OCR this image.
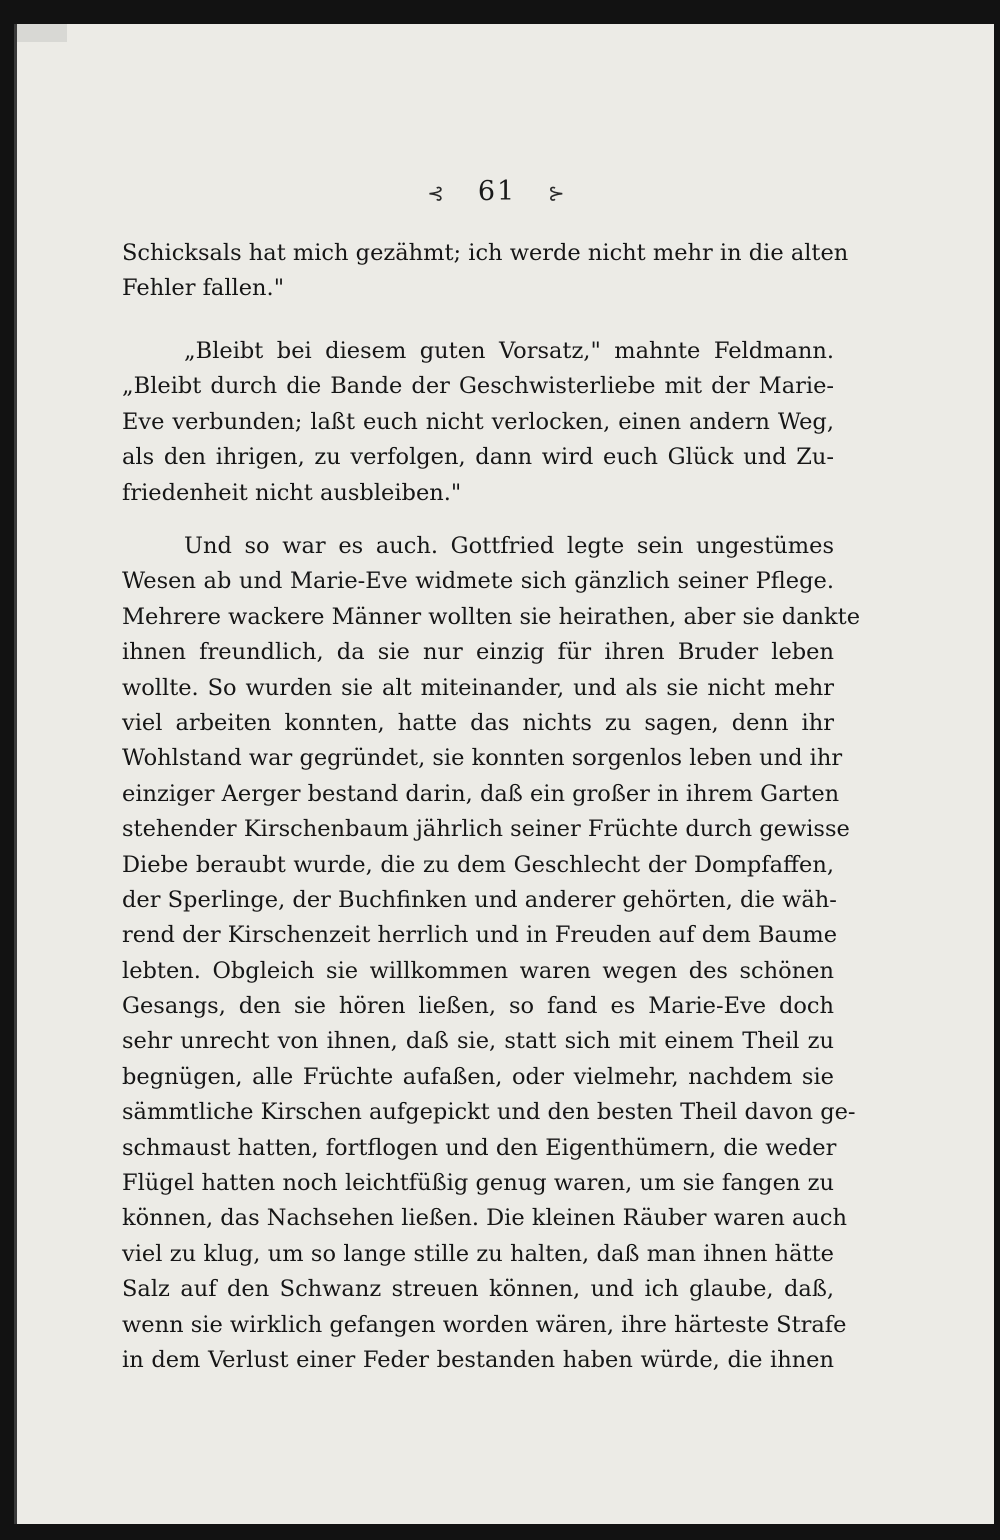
⊰ 61 ⊱
Schicksals hat mich gezähmt; ich werde nicht mehr in die alten
Fehler fallen."
„Bleibt bei diesem guten Vorsatz," mahnte Feldmann.
„Bleibt durch die Bande der Geschwisterliebe mit der Marie-
Eve verbunden; laßt euch nicht verlocken, einen andern Weg,
als den ihrigen, zu verfolgen, dann wird euch Glück und Zu-
friedenheit nicht ausbleiben."
Und so war es auch. Gottfried legte sein ungestümes
Wesen ab und Marie-Eve widmete sich gänzlich seiner Pflege.
Mehrere wackere Männer wollten sie heirathen, aber sie dankte
ihnen freundlich, da sie nur einzig für ihren Bruder leben
wollte. So wurden sie alt miteinander, und als sie nicht mehr
viel arbeiten konnten, hatte das nichts zu sagen, denn ihr
Wohlstand war gegründet, sie konnten sorgenlos leben und ihr
einziger Aerger bestand darin, daß ein großer in ihrem Garten
stehender Kirschenbaum jährlich seiner Früchte durch gewisse
Diebe beraubt wurde, die zu dem Geschlecht der Dompfaffen,
der Sperlinge, der Buchfinken und anderer gehörten, die wäh-
rend der Kirschenzeit herrlich und in Freuden auf dem Baume
lebten. Obgleich sie willkommen waren wegen des schönen
Gesangs, den sie hören ließen, so fand es Marie-Eve doch
sehr unrecht von ihnen, daß sie, statt sich mit einem Theil zu
begnügen, alle Früchte aufaßen, oder vielmehr, nachdem sie
sämmtliche Kirschen aufgepickt und den besten Theil davon ge-
schmaust hatten, fortflogen und den Eigenthümern, die weder
Flügel hatten noch leichtfüßig genug waren, um sie fangen zu
können, das Nachsehen ließen. Die kleinen Räuber waren auch
viel zu klug, um so lange stille zu halten, daß man ihnen hätte
Salz auf den Schwanz streuen können, und ich glaube, daß,
wenn sie wirklich gefangen worden wären, ihre härteste Strafe
in dem Verlust einer Feder bestanden haben würde, die ihnen
